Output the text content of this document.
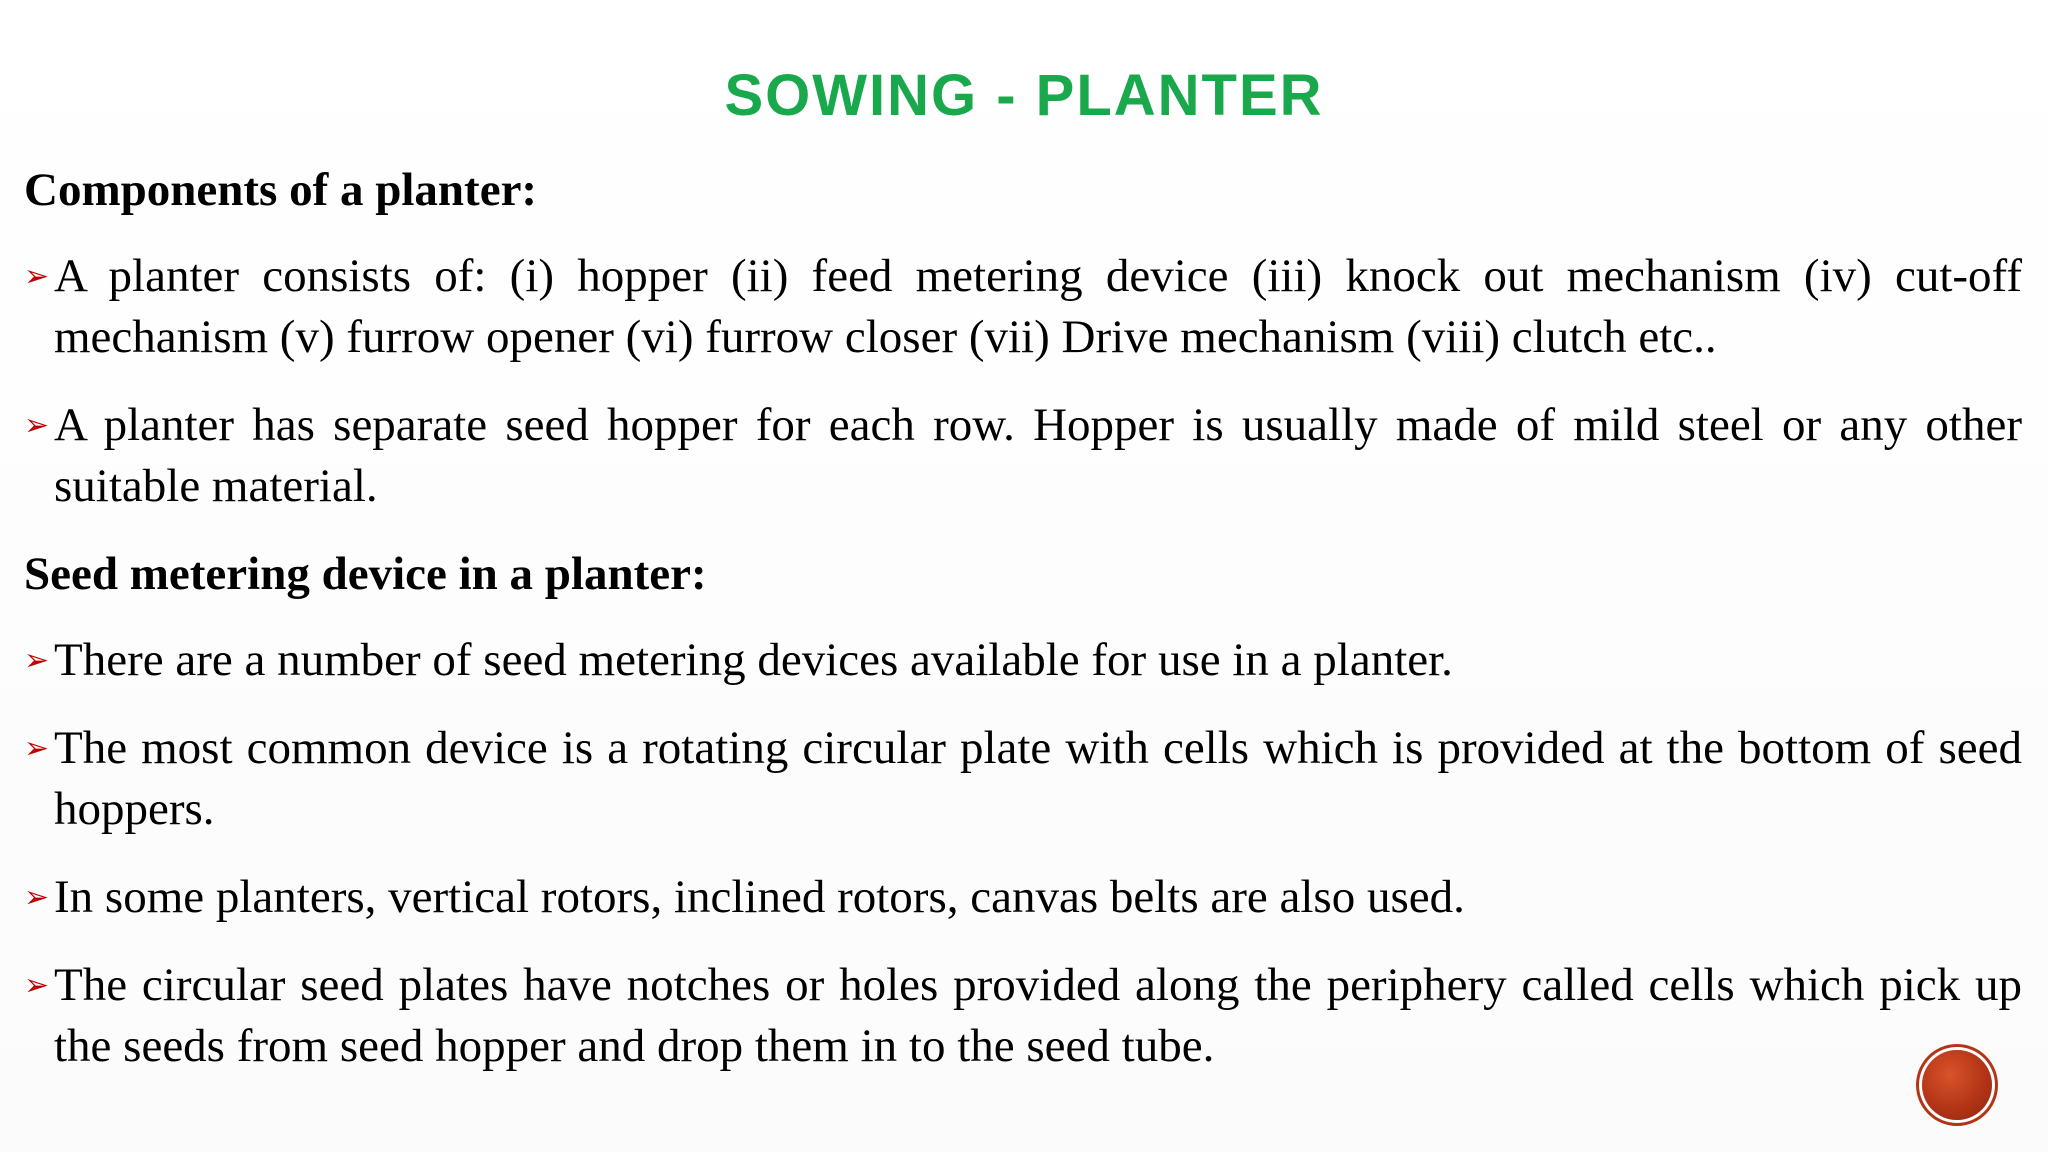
SOWING - PLANTER
Components of a planter:
➢ A planter consists of: (i) hopper (ii) feed metering device (iii) knock out mechanism (iv) cut-off mechanism (v) furrow opener (vi) furrow closer (vii) Drive mechanism (viii) clutch etc..
➢ A planter has separate seed hopper for each row. Hopper is usually made of mild steel or any other suitable material.
Seed metering device in a planter:
➢ There are a number of seed metering devices available for use in a planter.
➢ The most common device is a rotating circular plate with cells which is provided at the bottom of seed hoppers.
➢ In some planters, vertical rotors, inclined rotors, canvas belts are also used.
➢ The circular seed plates have notches or holes provided along the periphery called cells which pick up the seeds from seed hopper and drop them in to the seed tube.
